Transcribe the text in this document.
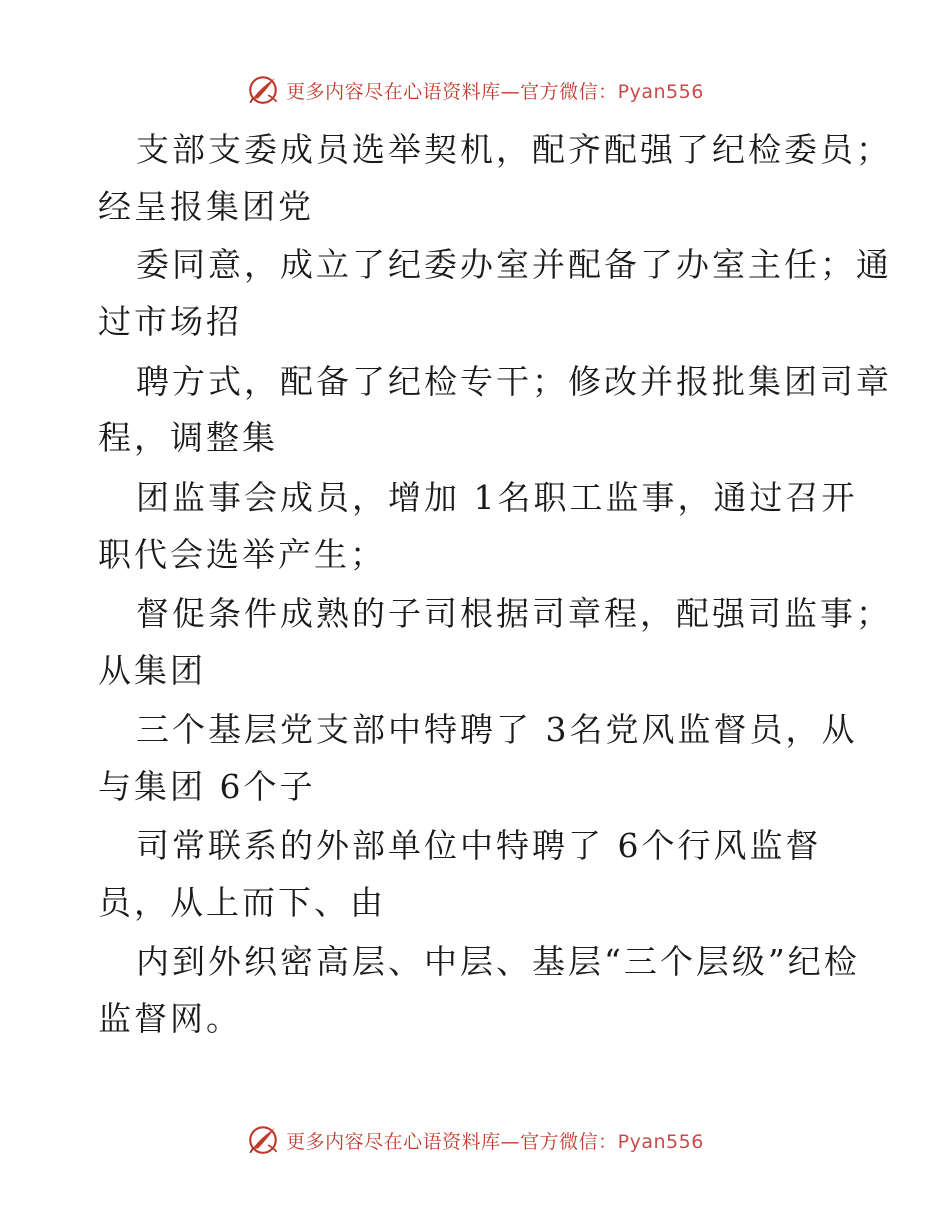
更多内容尽在心语资料库—官方微信：Pyan556
支部支委成员选举契机，配齐配强了纪检委员；
经呈报集团党
委同意，成立了纪委办室并配备了办室主任；通
过市场招
聘方式，配备了纪检专干；修改并报批集团司章
程，调整集
团监事会成员，增加 1名职工监事，通过召开
职代会选举产生；
督促条件成熟的子司根据司章程，配强司监事；
从集团
三个基层党支部中特聘了 3名党风监督员，从
与集团 6个子
司常联系的外部单位中特聘了 6个行风监督
员，从上而下、由
内到外织密高层、中层、基层“三个层级”纪检
监督网。
更多内容尽在心语资料库—官方微信：Pyan556
